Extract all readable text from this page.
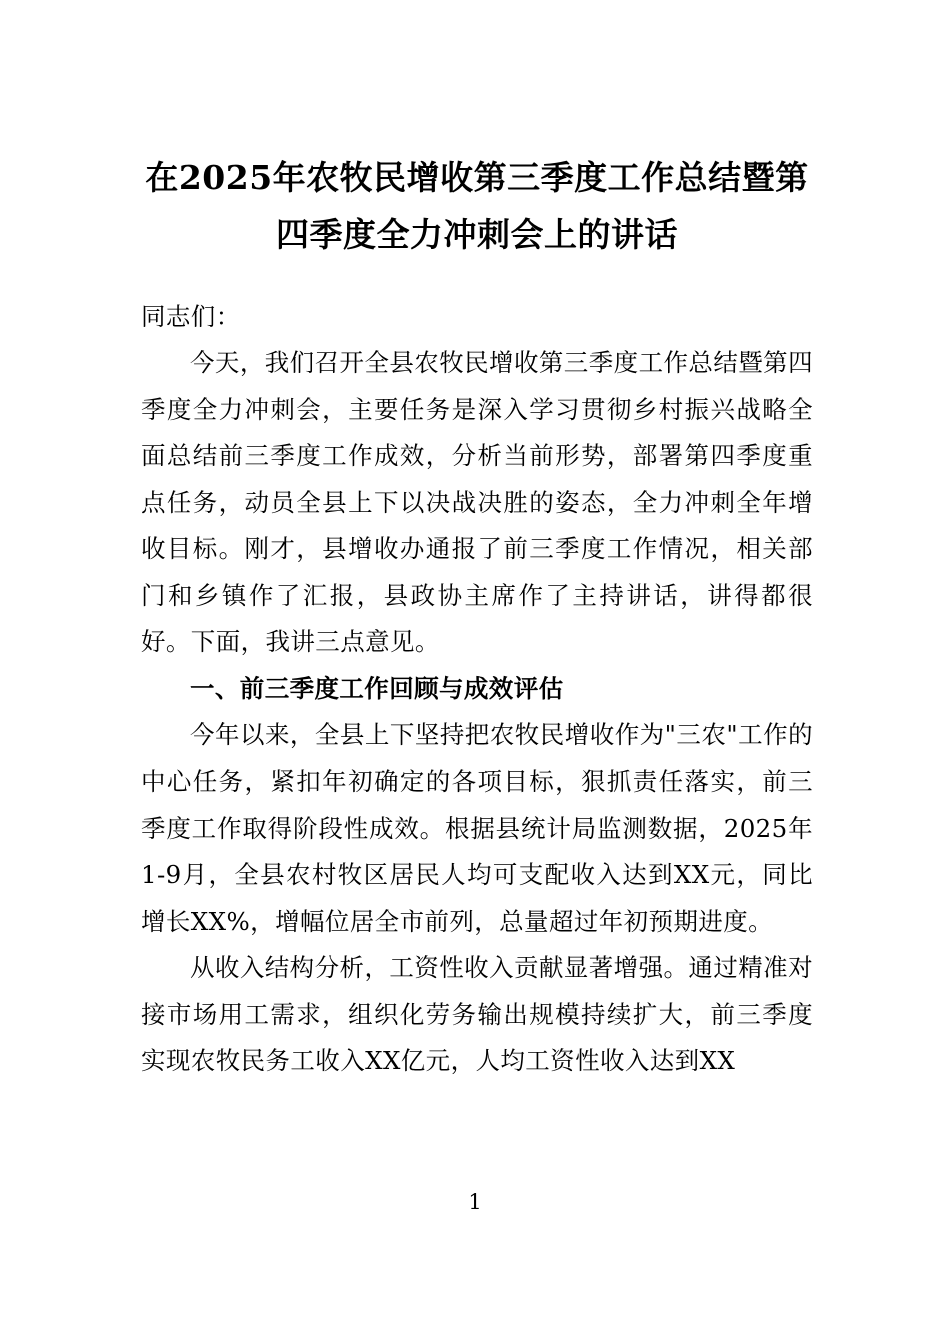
在2025年农牧民增收第三季度工作总结暨第四季度全力冲刺会上的讲话

同志们：

今天，我们召开全县农牧民增收第三季度工作总结暨第四季度全力冲刺会，主要任务是深入学习贯彻乡村振兴战略全面总结前三季度工作成效，分析当前形势，部署第四季度重点任务，动员全县上下以决战决胜的姿态，全力冲刺全年增收目标。刚才，县增收办通报了前三季度工作情况，相关部门和乡镇作了汇报，县政协主席作了主持讲话，讲得都很好。下面，我讲三点意见。

一、前三季度工作回顾与成效评估

今年以来，全县上下坚持把农牧民增收作为"三农"工作的中心任务，紧扣年初确定的各项目标，狠抓责任落实，前三季度工作取得阶段性成效。根据县统计局监测数据，2025年1-9月，全县农村牧区居民人均可支配收入达到XX元，同比增长XX%，增幅位居全市前列，总量超过年初预期进度。

从收入结构分析，工资性收入贡献显著增强。通过精准对接市场用工需求，组织化劳务输出规模持续扩大，前三季度实现农牧民务工收入XX亿元，人均工资性收入达到XX

1
